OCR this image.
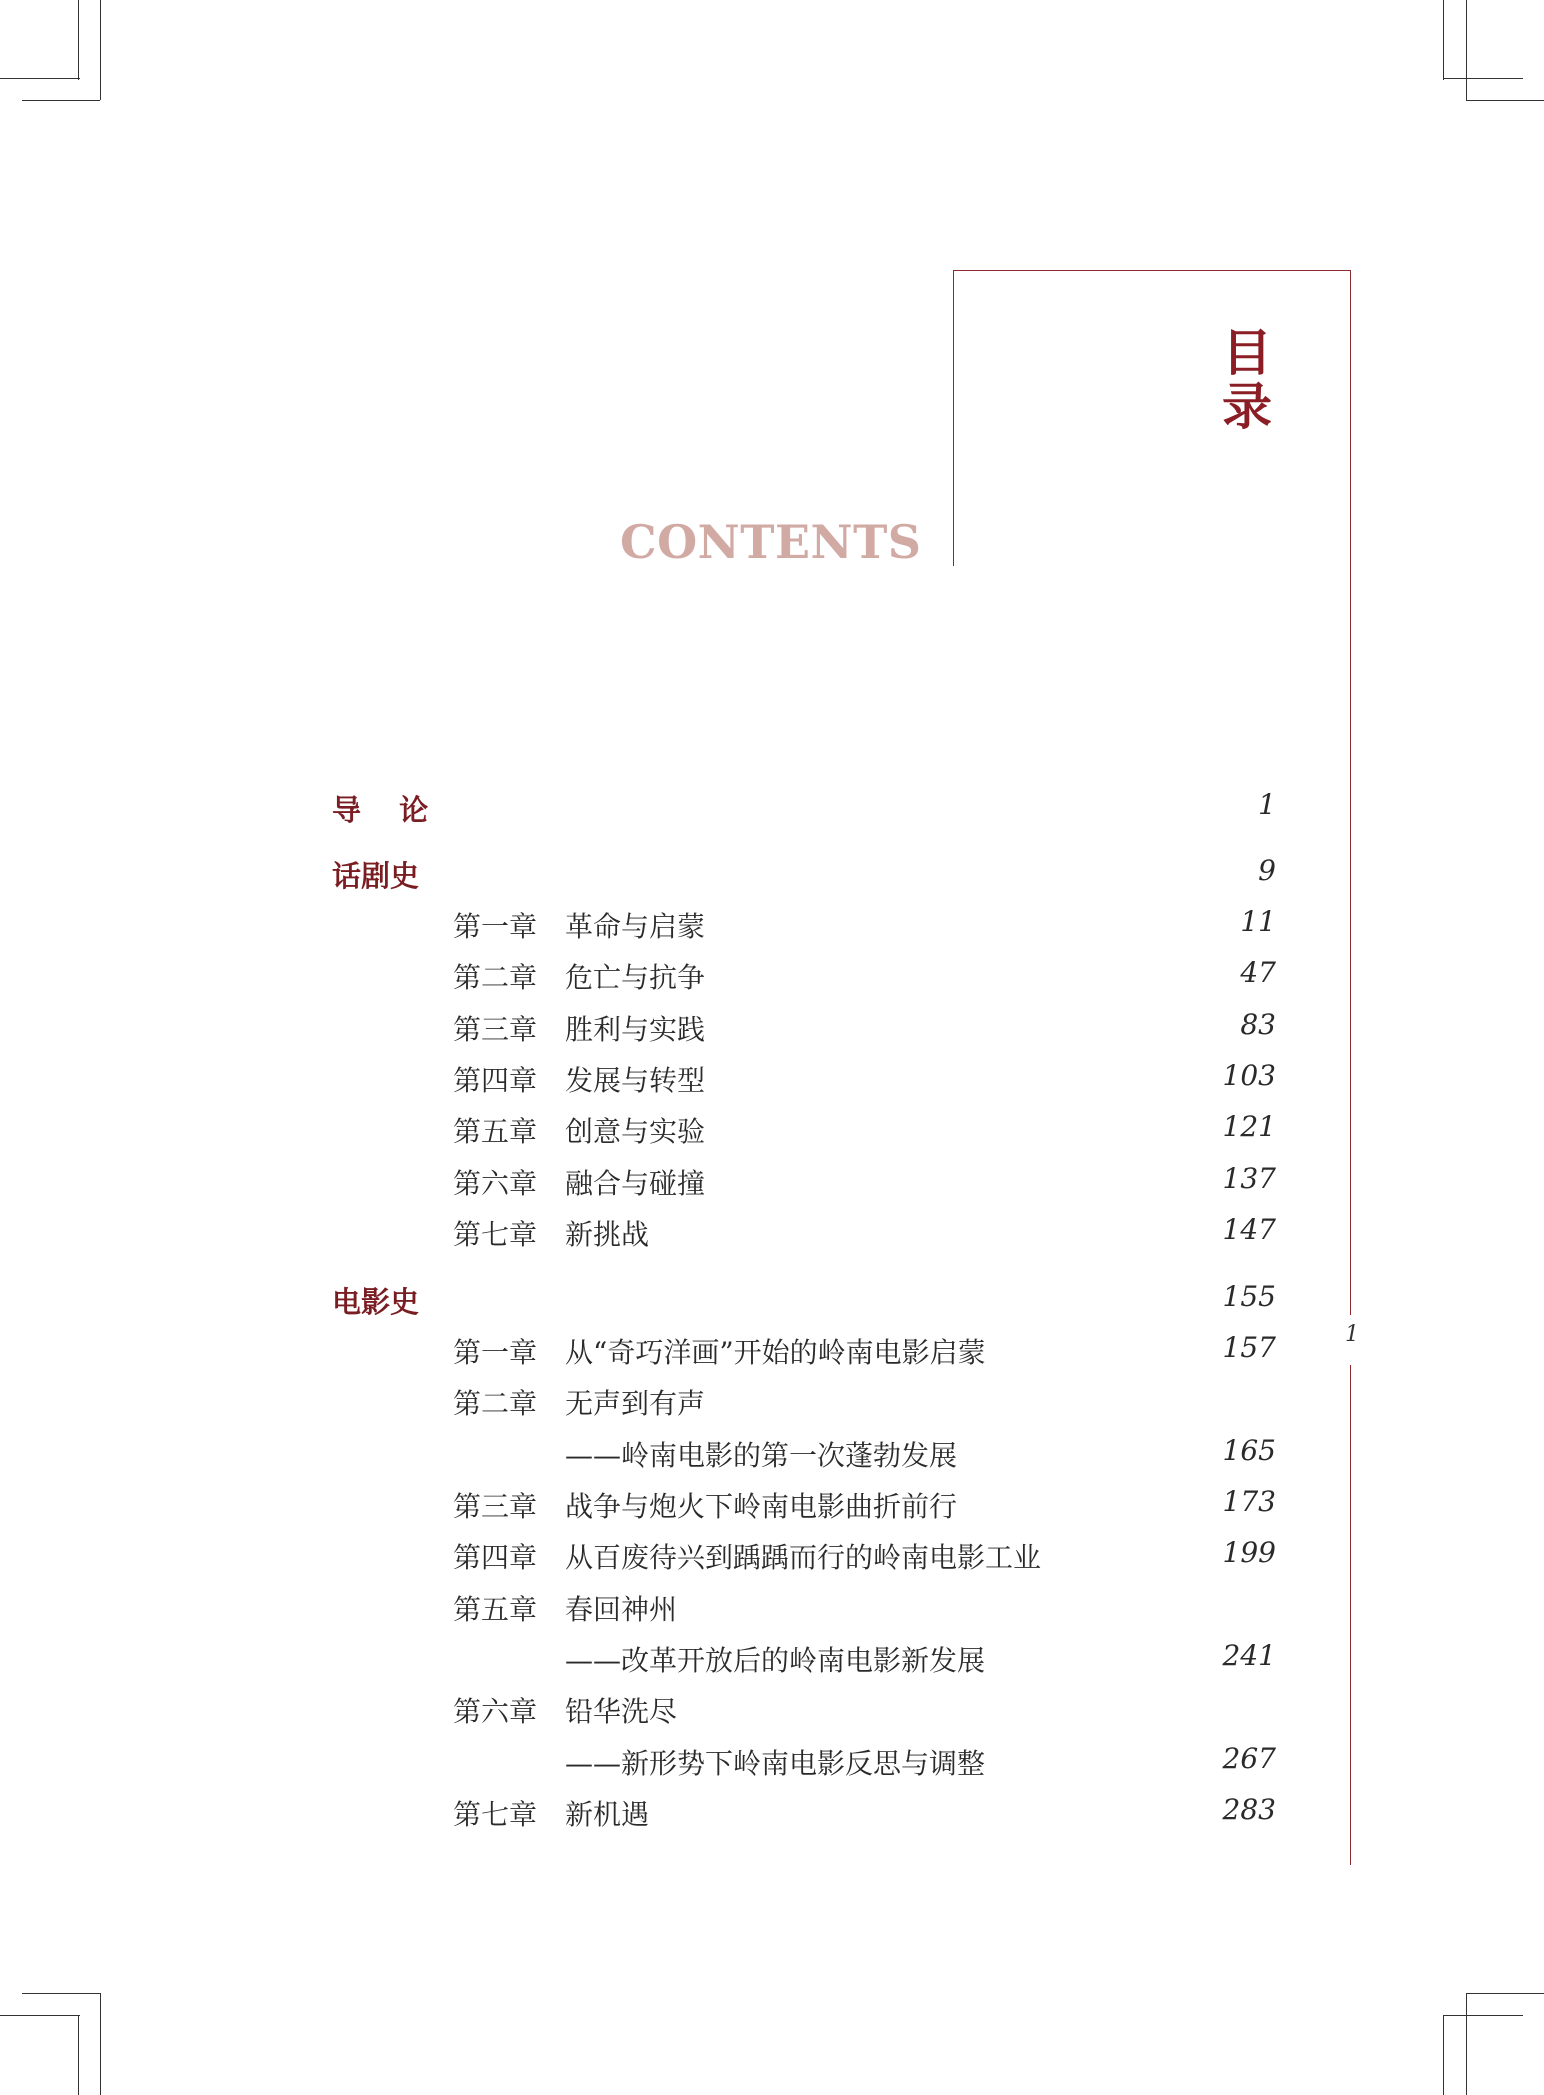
目录
CONTENTS
1
导 论	1
话剧史	9
第一章 革命与启蒙	11
第二章 危亡与抗争	47
第三章 胜利与实践	83
第四章 发展与转型	103
第五章 创意与实验	121
第六章 融合与碰撞	137
第七章 新挑战	147
电影史	155
第一章 从“奇巧洋画”开始的岭南电影启蒙	157
第二章 无声到有声
——岭南电影的第一次蓬勃发展	165
第三章 战争与炮火下岭南电影曲折前行	173
第四章 从百废待兴到踽踽而行的岭南电影工业	199
第五章 春回神州
——改革开放后的岭南电影新发展	241
第六章 铅华洗尽
——新形势下岭南电影反思与调整	267
第七章 新机遇	283
